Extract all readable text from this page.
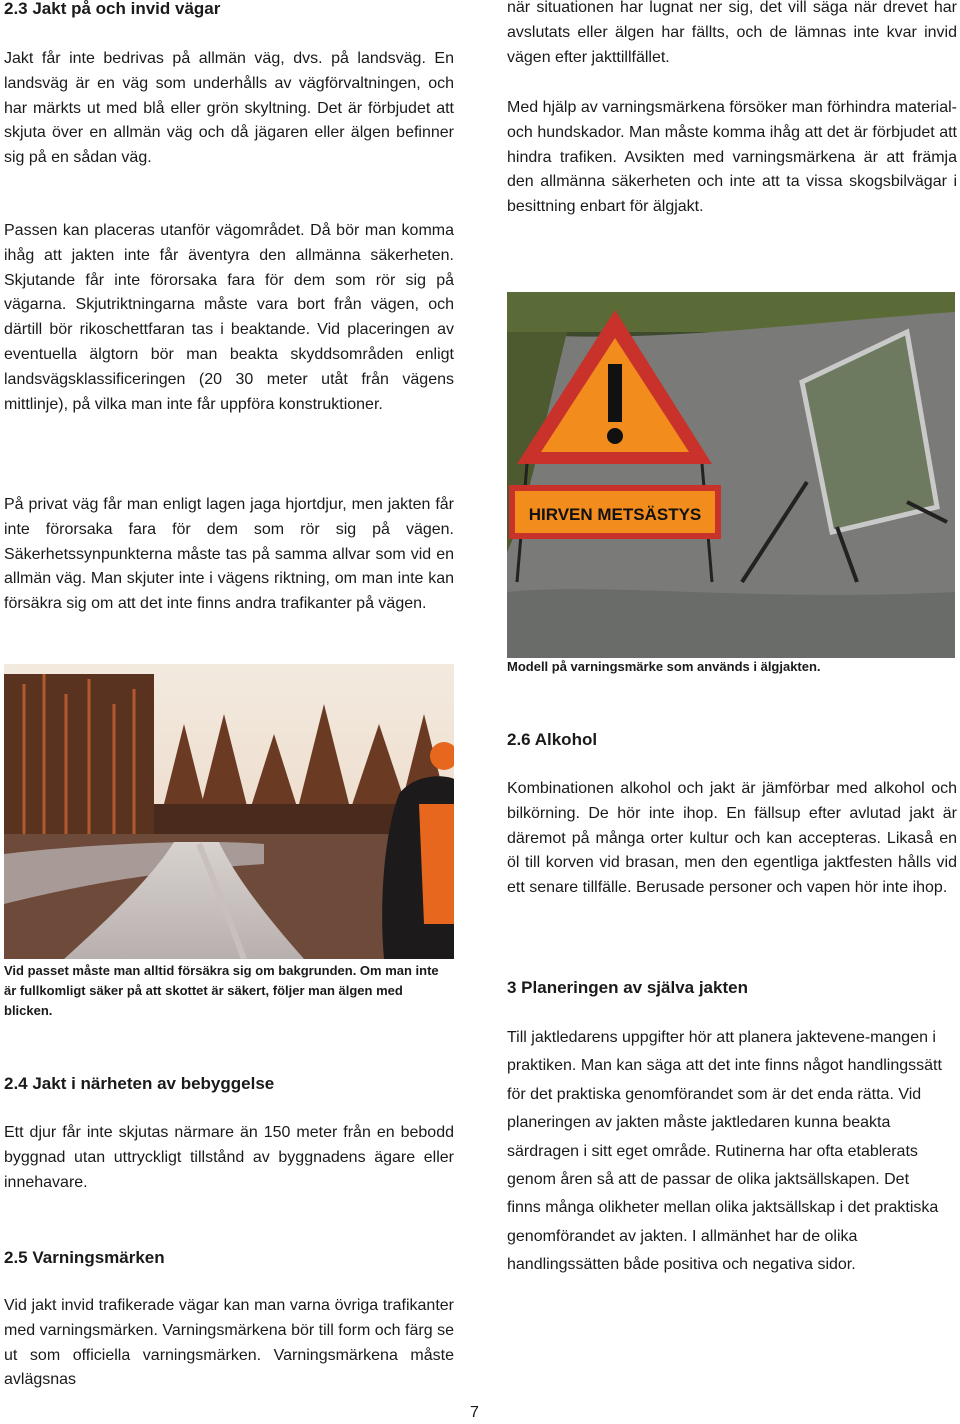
2.3 Jakt på och invid vägar

Jakt får inte bedrivas på allmän väg, dvs. på landsväg. En landsväg är en väg som underhålls av vägförvaltningen, och har märkts ut med blå eller grön skyltning. Det är förbjudet att skjuta över en allmän väg och då jägaren eller älgen befinner sig på en sådan väg.

Passen kan placeras utanför vägområdet. Då bör man komma ihåg att jakten inte får äventyra den allmänna säkerheten. Skjutande får inte förorsaka fara för dem som rör sig på vägarna. Skjutriktningarna måste vara bort från vägen, och därtill bör rikoschettfaran tas i beaktande. Vid placeringen av eventuella älgtorn bör man beakta skyddsområden enligt landsvägsklassificeringen (20 30 meter utåt från vägens mittlinje), på vilka man inte får uppföra konstruktioner.

På privat väg får man enligt lagen jaga hjortdjur, men jakten får inte förorsaka fara för dem som rör sig på vägen. Säkerhetssynpunkterna måste tas på samma allvar som vid en allmän väg. Man skjuter inte i vägens riktning, om man inte kan försäkra sig om att det inte finns andra trafikanter på vägen.

Vid passet måste man alltid försäkra sig om bakgrunden. Om man inte är fullkomligt säker på att skottet är säkert, följer man älgen med blicken.

2.4 Jakt i närheten av bebyggelse

Ett djur får inte skjutas närmare än 150 meter från en bebodd byggnad utan uttryckligt tillstånd av byggnadens ägare eller innehavare.

2.5 Varningsmärken

Vid jakt invid trafikerade vägar kan man varna övriga trafikanter med varningsmärken. Varningsmärkena bör till form och färg se ut som officiella varningsmärken. Varningsmärkena måste avlägsnas

när situationen har lugnat ner sig, det vill säga när drevet har avslutats eller älgen har fällts, och de lämnas inte kvar invid vägen efter jakttillfället.

Med hjälp av varningsmärkena försöker man förhindra material- och hundskador. Man måste komma ihåg att det är förbjudet att hindra trafiken. Avsikten med varningsmärkena är att främja den allmänna säkerheten och inte att ta vissa skogsbilvägar i besittning enbart för älgjakt.

HIRVEN METSÄSTYS

Modell på varningsmärke som används i älgjakten.

2.6 Alkohol

Kombinationen alkohol och jakt är jämförbar med alkohol och bilkörning. De hör inte ihop. En fällsup efter avlutad jakt är däremot på många orter kultur och kan accepteras. Likaså en öl till korven vid brasan, men den egentliga jaktfesten hålls vid ett senare tillfälle. Berusade personer och vapen hör inte ihop.

3 Planeringen av själva jakten

Till jaktledarens uppgifter hör att planera jaktevene-mangen i praktiken. Man kan säga att det inte finns något handlingssätt för det praktiska genomförandet som är det enda rätta. Vid planeringen av jakten måste jaktledaren kunna beakta särdragen i sitt eget område. Rutinerna har ofta etablerats genom åren så att de passar de olika jaktsällskapen. Det finns många olikheter mellan olika jaktsällskap i det praktiska genomförandet av jakten. I allmänhet har de olika handlingssätten både positiva och negativa sidor.

7
